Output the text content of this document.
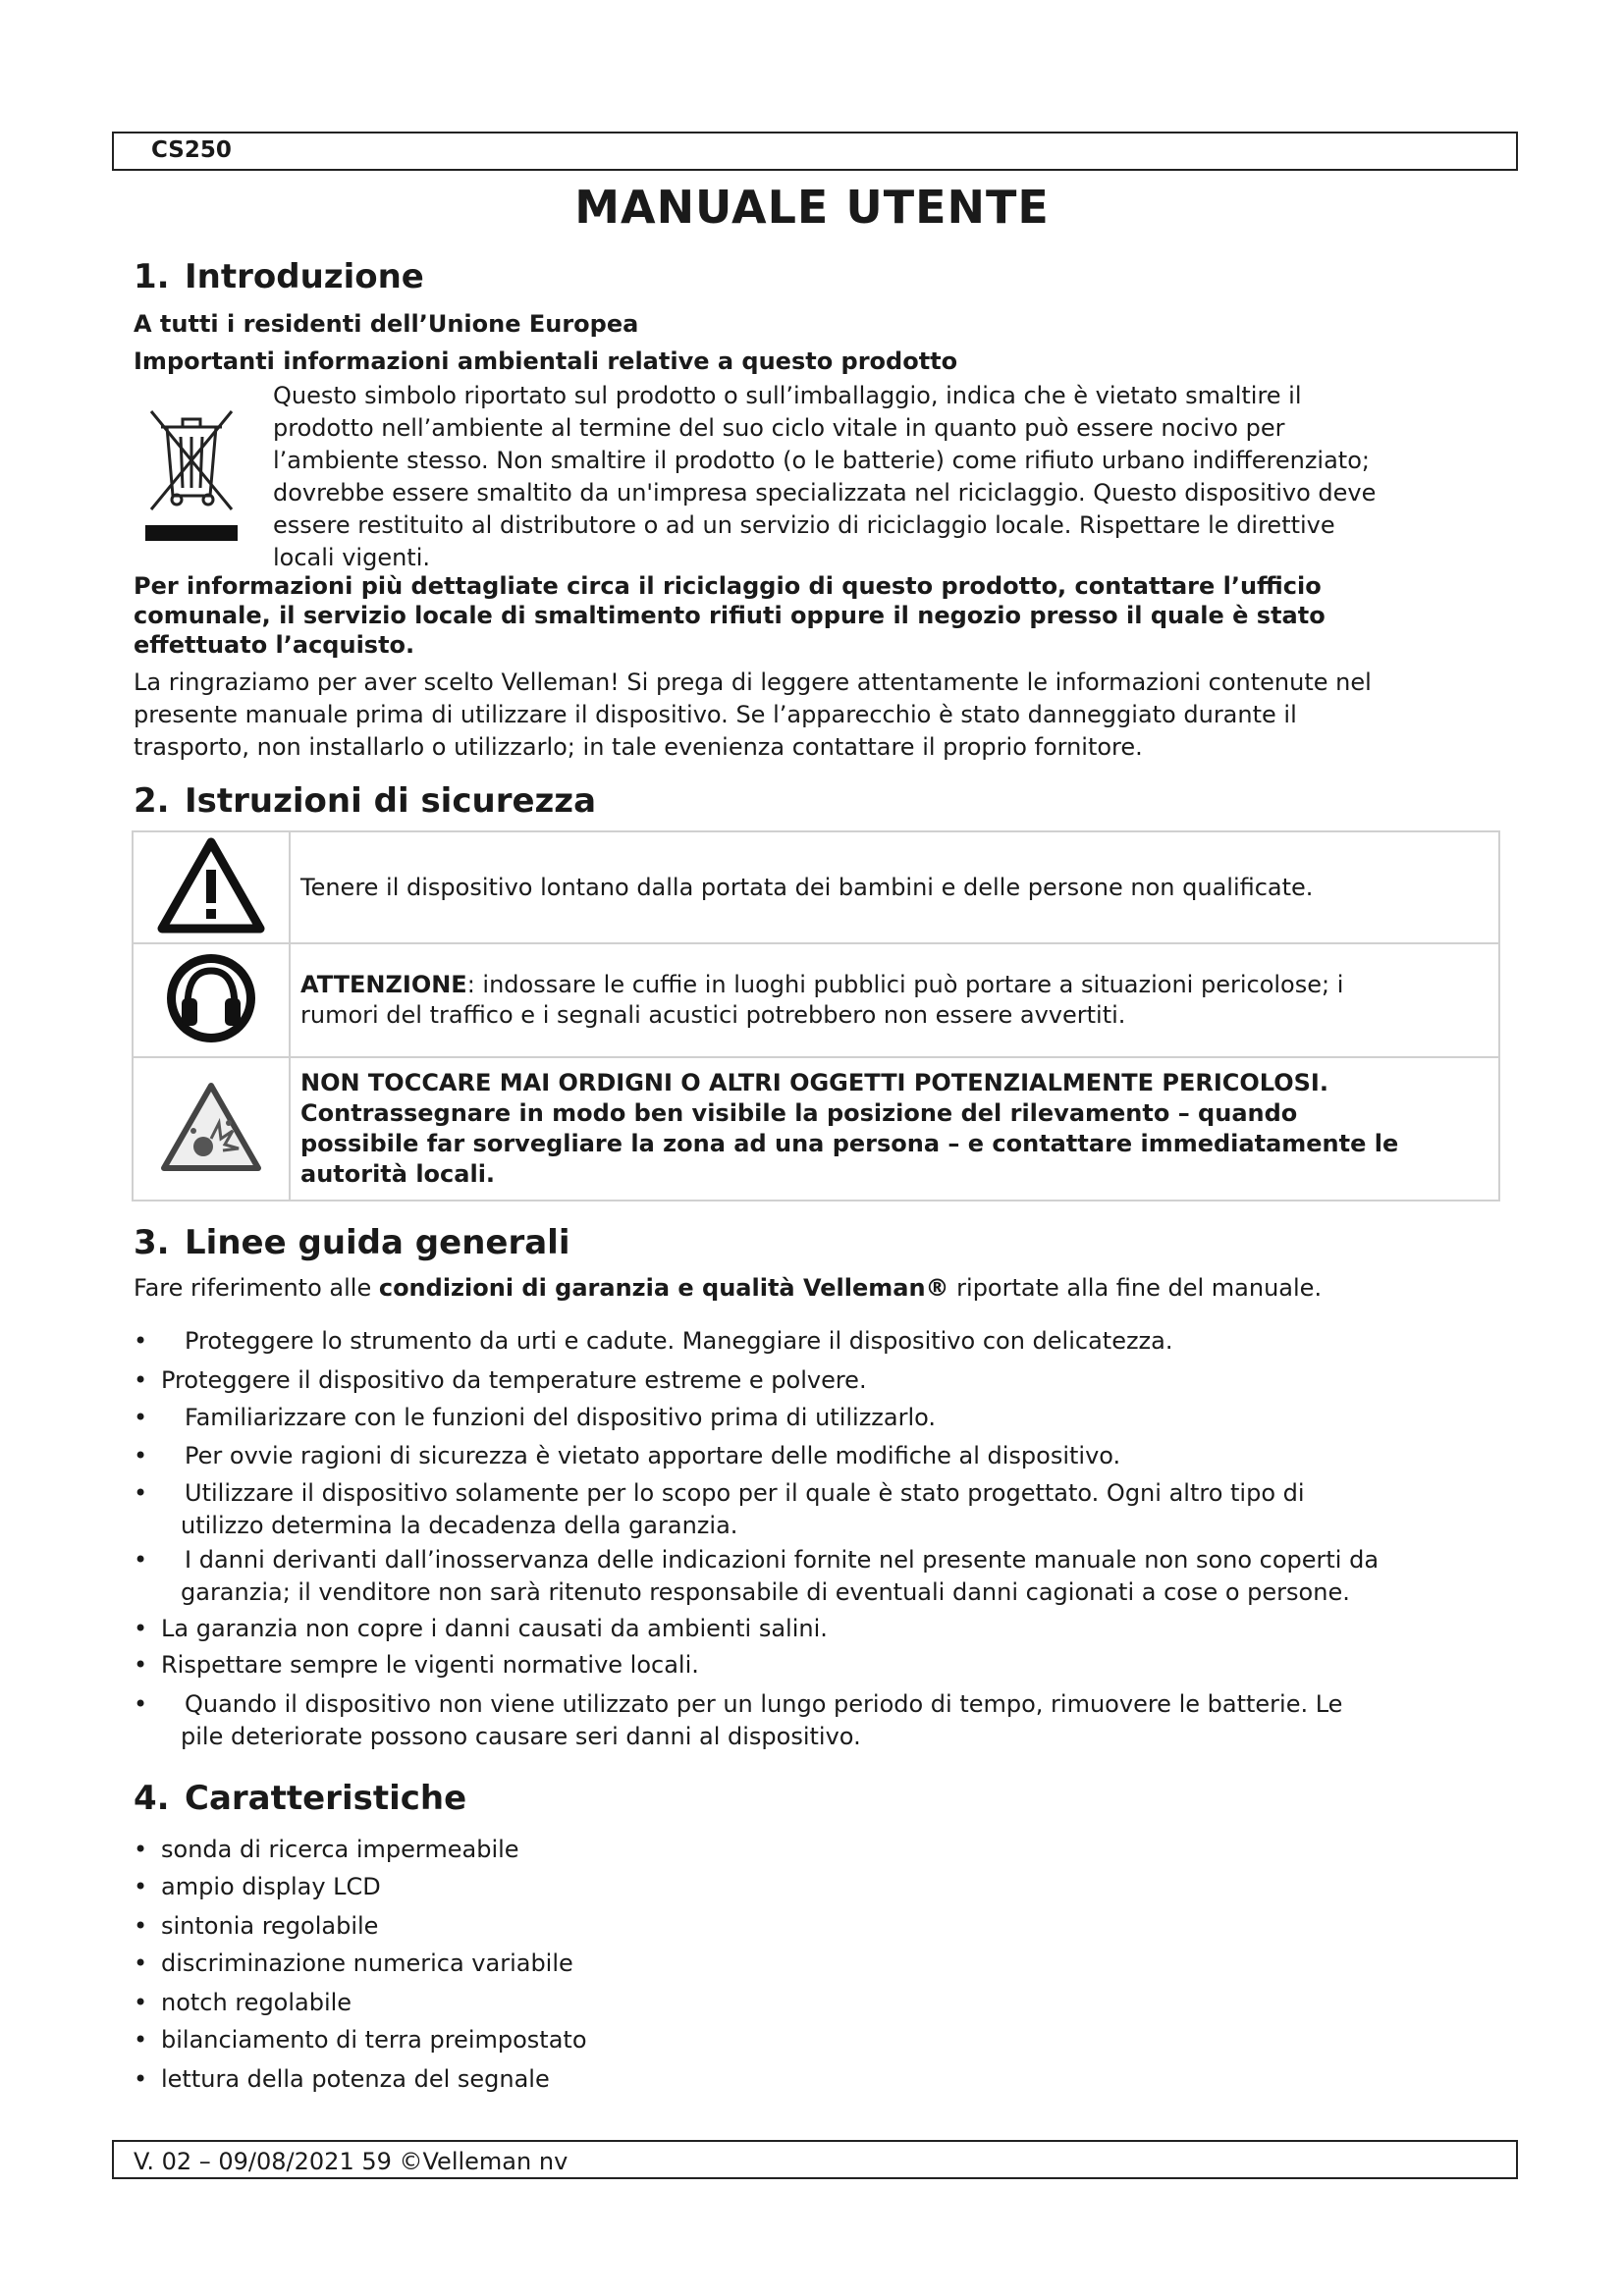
CS250
MANUALE UTENTE
1. Introduzione
A tutti i residenti dell’Unione Europea
Importanti informazioni ambientali relative a questo prodotto
Questo simbolo riportato sul prodotto o sull’imballaggio, indica che è vietato smaltire il
prodotto nell’ambiente al termine del suo ciclo vitale in quanto può essere nocivo per
l’ambiente stesso. Non smaltire il prodotto (o le batterie) come rifiuto urbano indifferenziato;
dovrebbe essere smaltito da un'impresa specializzata nel riciclaggio. Questo dispositivo deve
essere restituito al distributore o ad un servizio di riciclaggio locale. Rispettare le direttive
locali vigenti.
Per informazioni più dettagliate circa il riciclaggio di questo prodotto, contattare l’ufficio
comunale, il servizio locale di smaltimento rifiuti oppure il negozio presso il quale è stato
effettuato l’acquisto.
La ringraziamo per aver scelto Velleman! Si prega di leggere attentamente le informazioni contenute nel
presente manuale prima di utilizzare il dispositivo. Se l’apparecchio è stato danneggiato durante il
trasporto, non installarlo o utilizzarlo; in tale evenienza contattare il proprio fornitore.
2. Istruzioni di sicurezza
	Tenere il dispositivo lontano dalla portata dei bambini e delle persone non qualificate.

ATTENZIONE: indossare le cuffie in luoghi pubblici può portare a situazioni pericolose; i
rumori del traffico e i segnali acustici potrebbero non essere avvertiti.

NON TOCCARE MAI ORDIGNI O ALTRI OGGETTI POTENZIALMENTE PERICOLOSI.
Contrassegnare in modo ben visibile la posizione del rilevamento – quando
possibile far sorvegliare la zona ad una persona – e contattare immediatamente le
autorità locali.
3. Linee guida generali
Fare riferimento alle condizioni di garanzia e qualità Velleman® riportate alla fine del manuale.
• Proteggere lo strumento da urti e cadute. Maneggiare il dispositivo con delicatezza.
• Proteggere il dispositivo da temperature estreme e polvere.
• Familiarizzare con le funzioni del dispositivo prima di utilizzarlo.
• Per ovvie ragioni di sicurezza è vietato apportare delle modifiche al dispositivo.
• Utilizzare il dispositivo solamente per lo scopo per il quale è stato progettato. Ogni altro tipo di
utilizzo determina la decadenza della garanzia.
• I danni derivanti dall’inosservanza delle indicazioni fornite nel presente manuale non sono coperti da
garanzia; il venditore non sarà ritenuto responsabile di eventuali danni cagionati a cose o persone.
• La garanzia non copre i danni causati da ambienti salini.
• Rispettare sempre le vigenti normative locali.
• Quando il dispositivo non viene utilizzato per un lungo periodo di tempo, rimuovere le batterie. Le
pile deteriorate possono causare seri danni al dispositivo.
4. Caratteristiche
• sonda di ricerca impermeabile
• ampio display LCD
• sintonia regolabile
• discriminazione numerica variabile
• notch regolabile
• bilanciamento di terra preimpostato
• lettura della potenza del segnale
V. 02 – 09/08/2021 59 ©Velleman nv
